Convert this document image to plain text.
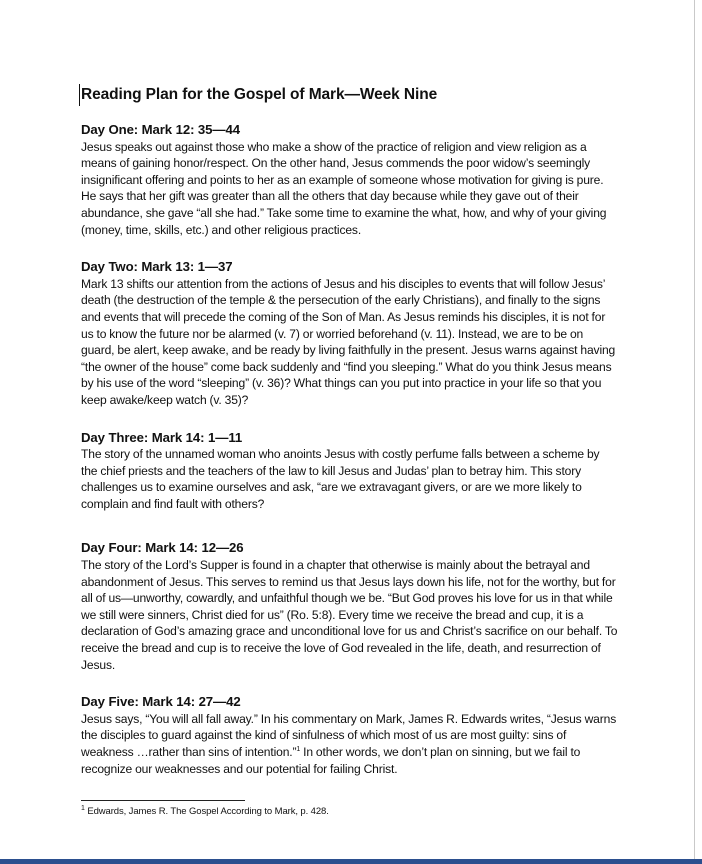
Reading Plan for the Gospel of Mark—Week Nine
Day One: Mark 12: 35—44

Jesus speaks out against those who make a show of the practice of religion and view religion as a means of gaining honor/respect. On the other hand, Jesus commends the poor widow’s seemingly insignificant offering and points to her as an example of someone whose motivation for giving is pure. He says that her gift was greater than all the others that day because while they gave out of their abundance, she gave “all she had.” Take some time to examine the what, how, and why of your giving (money, time, skills, etc.) and other religious practices.

Day Two: Mark 13: 1—37

Mark 13 shifts our attention from the actions of Jesus and his disciples to events that will follow Jesus’ death (the destruction of the temple & the persecution of the early Christians), and finally to the signs and events that will precede the coming of the Son of Man. As Jesus reminds his disciples, it is not for us to know the future nor be alarmed (v. 7) or worried beforehand (v. 11). Instead, we are to be on guard, be alert, keep awake, and be ready by living faithfully in the present. Jesus warns against having “the owner of the house” come back suddenly and “find you sleeping.” What do you think Jesus means by his use of the word “sleeping” (v. 36)? What things can you put into practice in your life so that you keep awake/keep watch (v. 35)?

Day Three: Mark 14: 1—11

The story of the unnamed woman who anoints Jesus with costly perfume falls between a scheme by the chief priests and the teachers of the law to kill Jesus and Judas’ plan to betray him. This story challenges us to examine ourselves and ask, “are we extravagant givers, or are we more likely to complain and find fault with others?

Day Four: Mark 14: 12—26

The story of the Lord’s Supper is found in a chapter that otherwise is mainly about the betrayal and abandonment of Jesus. This serves to remind us that Jesus lays down his life, not for the worthy, but for all of us—unworthy, cowardly, and unfaithful though we be. “But God proves his love for us in that while we still were sinners, Christ died for us” (Ro. 5:8). Every time we receive the bread and cup, it is a declaration of God’s amazing grace and unconditional love for us and Christ’s sacrifice on our behalf. To receive the bread and cup is to receive the love of God revealed in the life, death, and resurrection of Jesus.

Day Five: Mark 14: 27—42

Jesus says, “You will all fall away.” In his commentary on Mark, James R. Edwards writes, “Jesus warns the disciples to guard against the kind of sinfulness of which most of us are most guilty: sins of weakness …rather than sins of intention.”$^1$ In other words, we don’t plan on sinning, but we fail to recognize our weaknesses and our potential for failing Christ.

$^1$ Edwards, James R. The Gospel According to Mark, p. 428.
